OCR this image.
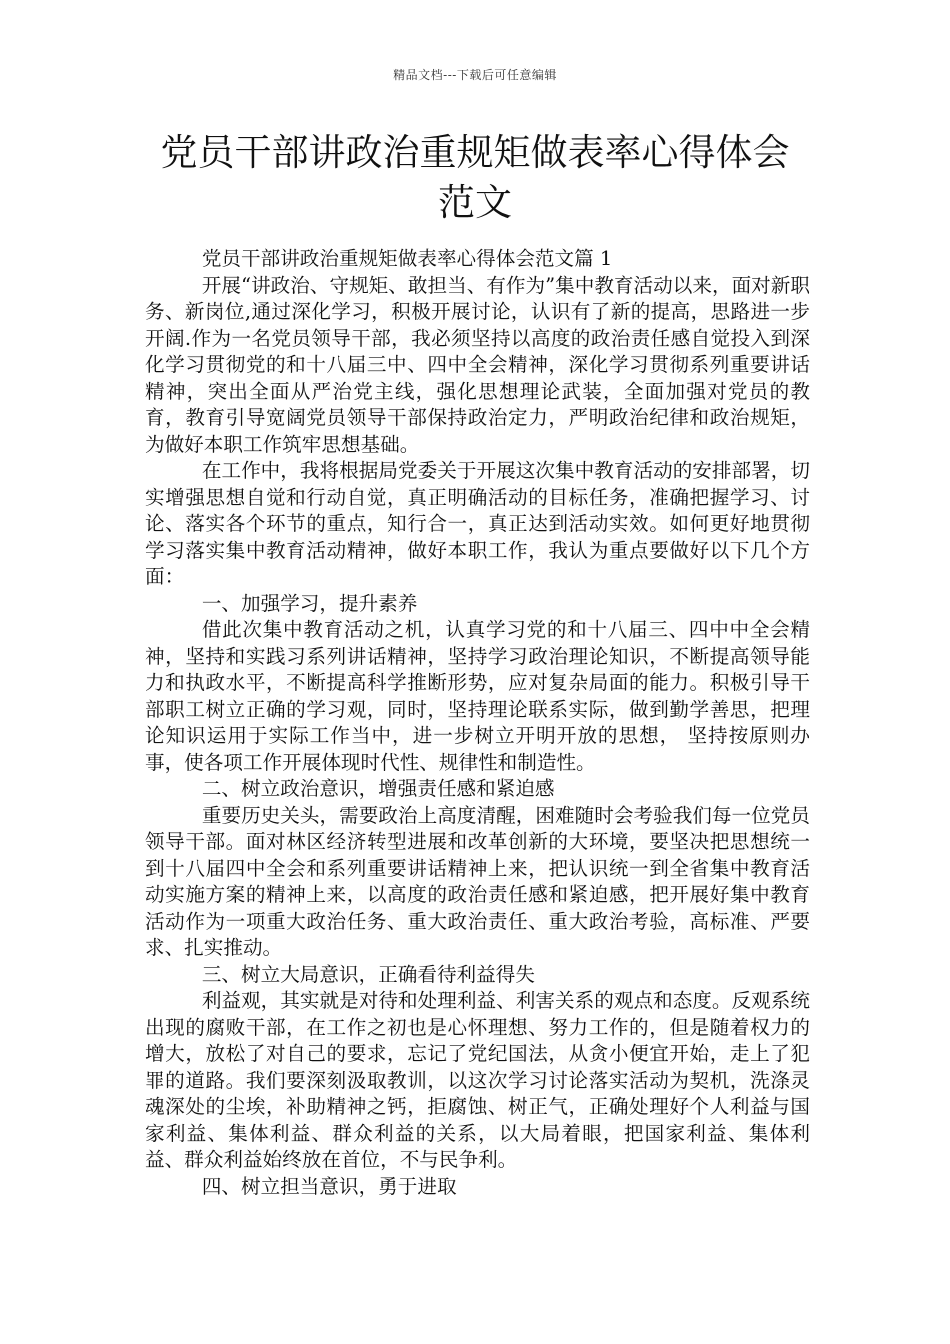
精品文档---下载后可任意编辑
党员干部讲政治重规矩做表率心得体会范文

党员干部讲政治重规矩做表率心得体会范文篇 1

开展“讲政治、守规矩、敢担当、有作为”集中教育活动以来，面对新职务、新岗位,通过深化学习，积极开展讨论，认识有了新的提高，思路进一步开阔.作为一名党员领导干部，我必须坚持以高度的政治责任感自觉投入到深化学习贯彻党的和十八届三中、四中全会精神，深化学习贯彻系列重要讲话精神，突出全面从严治党主线，强化思想理论武装，全面加强对党员的教育，教育引导宽阔党员领导干部保持政治定力，严明政治纪律和政治规矩，为做好本职工作筑牢思想基础。

在工作中，我将根据局党委关于开展这次集中教育活动的安排部署，切实增强思想自觉和行动自觉，真正明确活动的目标任务，准确把握学习、讨论、落实各个环节的重点，知行合一，真正达到活动实效。如何更好地贯彻学习落实集中教育活动精神，做好本职工作，我认为重点要做好以下几个方面：

一、加强学习，提升素养

借此次集中教育活动之机，认真学习党的和十八届三、四中中全会精神，坚持和实践习系列讲话精神，坚持学习政治理论知识，不断提高领导能力和执政水平，不断提高科学推断形势，应对复杂局面的能力。积极引导干部职工树立正确的学习观，同时，坚持理论联系实际，做到勤学善思，把理论知识运用于实际工作当中，进一步树立开明开放的思想， 坚持按原则办事，使各项工作开展体现时代性、规律性和制造性。

二、树立政治意识，增强责任感和紧迫感

重要历史关头，需要政治上高度清醒，困难随时会考验我们每一位党员领导干部。面对林区经济转型进展和改革创新的大环境，要坚决把思想统一到十八届四中全会和系列重要讲话精神上来，把认识统一到全省集中教育活动实施方案的精神上来，以高度的政治责任感和紧迫感，把开展好集中教育活动作为一项重大政治任务、重大政治责任、重大政治考验，高标准、严要求、扎实推动。

三、树立大局意识，正确看待利益得失

利益观，其实就是对待和处理利益、利害关系的观点和态度。反观系统出现的腐败干部，在工作之初也是心怀理想、努力工作的，但是随着权力的增大，放松了对自己的要求，忘记了党纪国法，从贪小便宜开始，走上了犯罪的道路。我们要深刻汲取教训，以这次学习讨论落实活动为契机，洗涤灵魂深处的尘埃，补助精神之钙，拒腐蚀、树正气，正确处理好个人利益与国家利益、集体利益、群众利益的关系，以大局着眼，把国家利益、集体利益、群众利益始终放在首位，不与民争利。

四、树立担当意识，勇于进取
